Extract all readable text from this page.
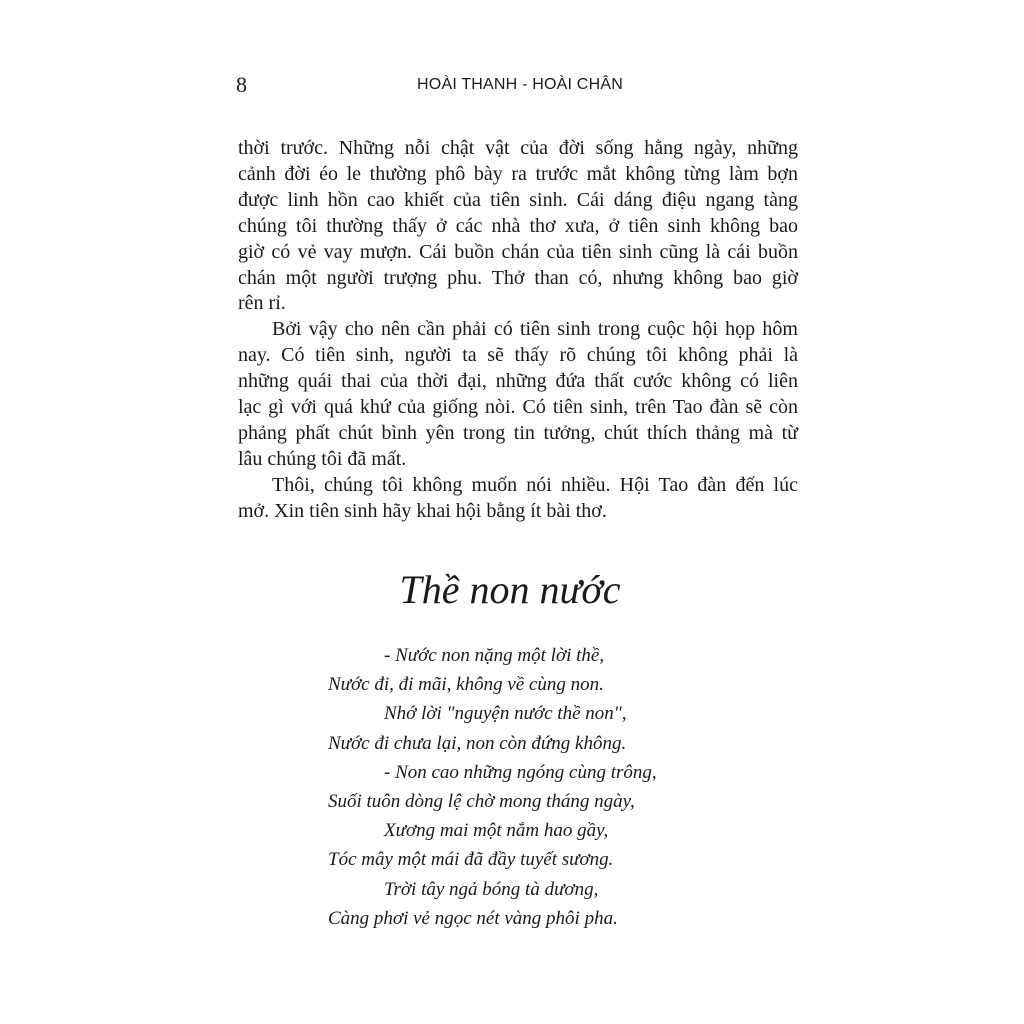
8	HOÀI THANH - HOÀI CHÂN

thời trước. Những nỗi chật vật của đời sống hằng ngày, những
cảnh đời éo le thường phô bày ra trước mắt không từng làm bợn
được linh hồn cao khiết của tiên sinh. Cái dáng điệu ngang tàng
chúng tôi thường thấy ở các nhà thơ xưa, ở tiên sinh không bao
giờ có vẻ vay mượn. Cái buồn chán của tiên sinh cũng là cái buồn
chán một người trượng phu. Thở than có, nhưng không bao giờ
rên rỉ.

Bởi vậy cho nên cần phải có tiên sinh trong cuộc hội họp hôm
nay. Có tiên sinh, người ta sẽ thấy rõ chúng tôi không phải là
những quái thai của thời đại, những đứa thất cước không có liên
lạc gì với quá khứ của giống nòi. Có tiên sinh, trên Tao đàn sẽ còn
phảng phất chút bình yên trong tin tưởng, chút thích thảng mà từ
lâu chúng tôi đã mất.

Thôi, chúng tôi không muốn nói nhiều. Hội Tao đàn đến lúc
mở. Xin tiên sinh hãy khai hội bằng ít bài thơ.

Thề non nước
- Nước non nặng một lời thề,
Nước đi, đi mãi, không về cùng non.
Nhớ lời "nguyện nước thề non",
Nước đi chưa lại, non còn đứng không.
- Non cao những ngóng cùng trông,
Suối tuôn dòng lệ chờ mong tháng ngày,
Xương mai một nắm hao gầy,
Tóc mây một mái đã đầy tuyết sương.
Trời tây ngả bóng tà dương,
Càng phơi vẻ ngọc nét vàng phôi pha.
